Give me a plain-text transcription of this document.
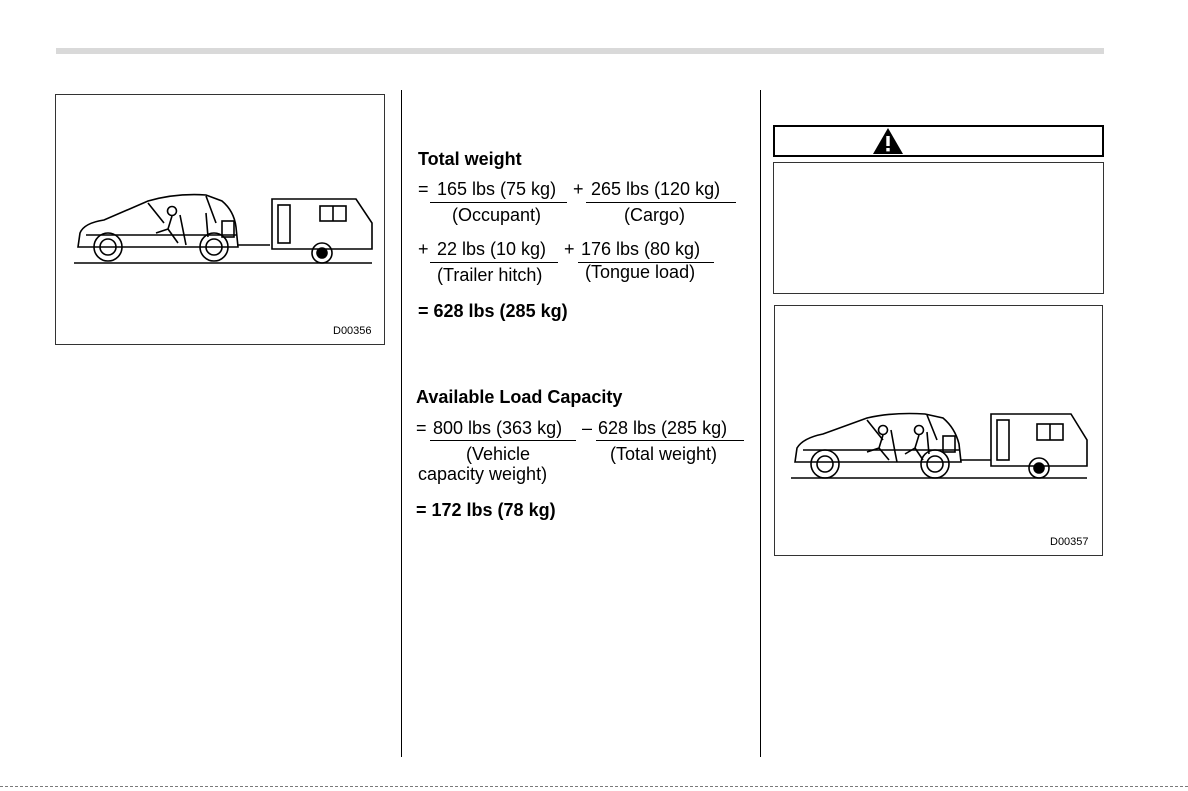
D00356
Total weight
= 165 lbs (75 kg) + 265 lbs (120 kg)
(Occupant)	(Cargo)
+ 22 lbs (10 kg) + 176 lbs (80 kg)
(Trailer hitch) (Tongue load)
= 628 lbs (285 kg)
Available Load Capacity
= 800 lbs (363 kg) – 628 lbs (285 kg)
(Vehicle
capacity weight)
(Total weight)
= 172 lbs (78 kg)
D00357
